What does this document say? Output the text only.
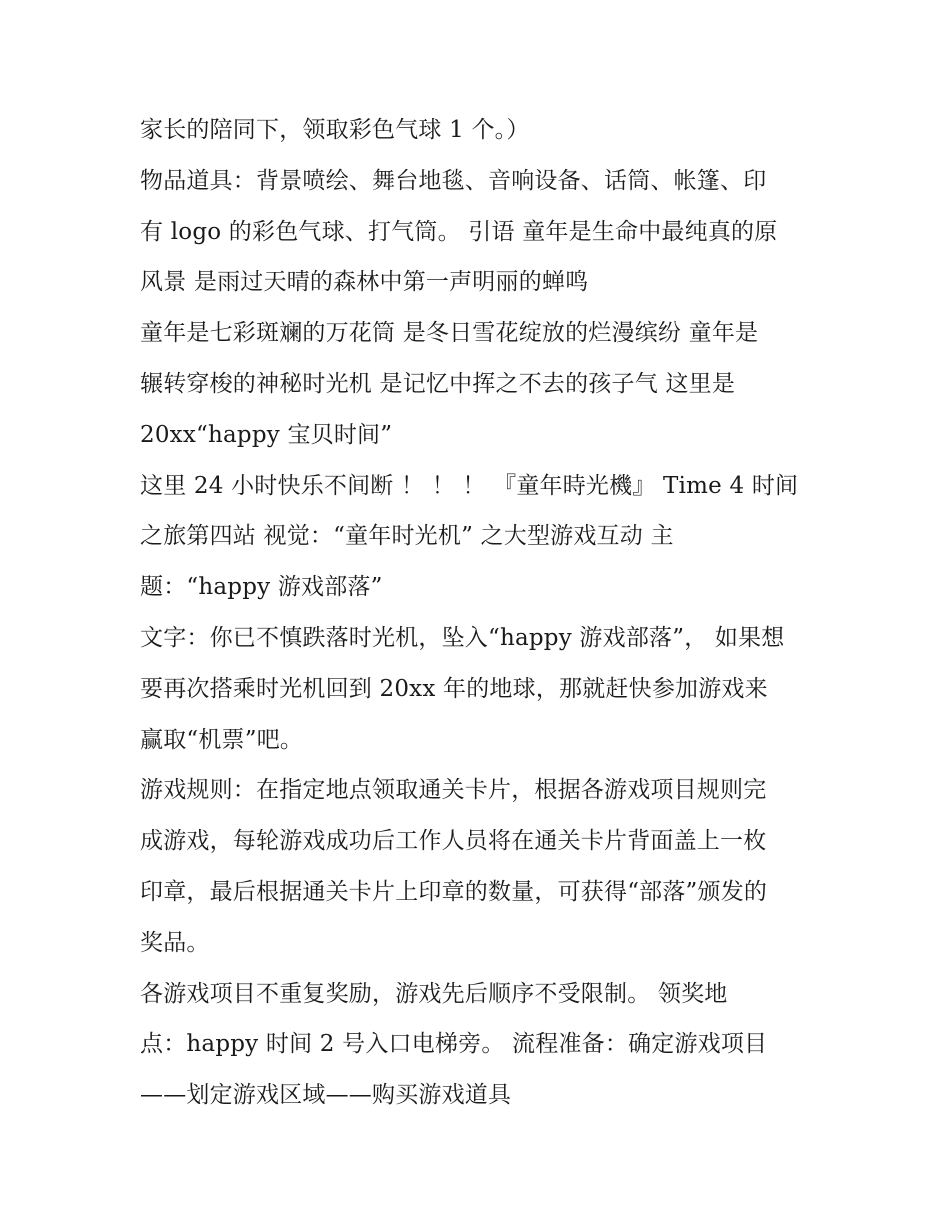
家长的陪同下，领取彩色气球 1 个。）
物品道具：背景喷绘、舞台地毯、音响设备、话筒、帐篷、印
有 logo 的彩色气球、打气筒。 引语 童年是生命中最纯真的原
风景 是雨过天晴的森林中第一声明丽的蝉鸣
童年是七彩斑斓的万花筒 是冬日雪花绽放的烂漫缤纷 童年是
辗转穿梭的神秘时光机 是记忆中挥之不去的孩子气 这里是
20xx“happy 宝贝时间”
这里 24 小时快乐不间断 ！ ！ ！ 『童年時光機』 Time 4 时间
之旅第四站 视觉：“童年时光机” 之大型游戏互动 主
题：“happy 游戏部落”
文字：你已不慎跌落时光机，坠入“happy 游戏部落”， 如果想
要再次搭乘时光机回到 20xx 年的地球，那就赶快参加游戏来
赢取“机票”吧。
游戏规则：在指定地点领取通关卡片，根据各游戏项目规则完
成游戏，每轮游戏成功后工作人员将在通关卡片背面盖上一枚
印章，最后根据通关卡片上印章的数量，可获得“部落”颁发的
奖品。
各游戏项目不重复奖励，游戏先后顺序不受限制。 领奖地
点：happy 时间 2 号入口电梯旁。 流程准备：确定游戏项目
——划定游戏区域——购买游戏道具
